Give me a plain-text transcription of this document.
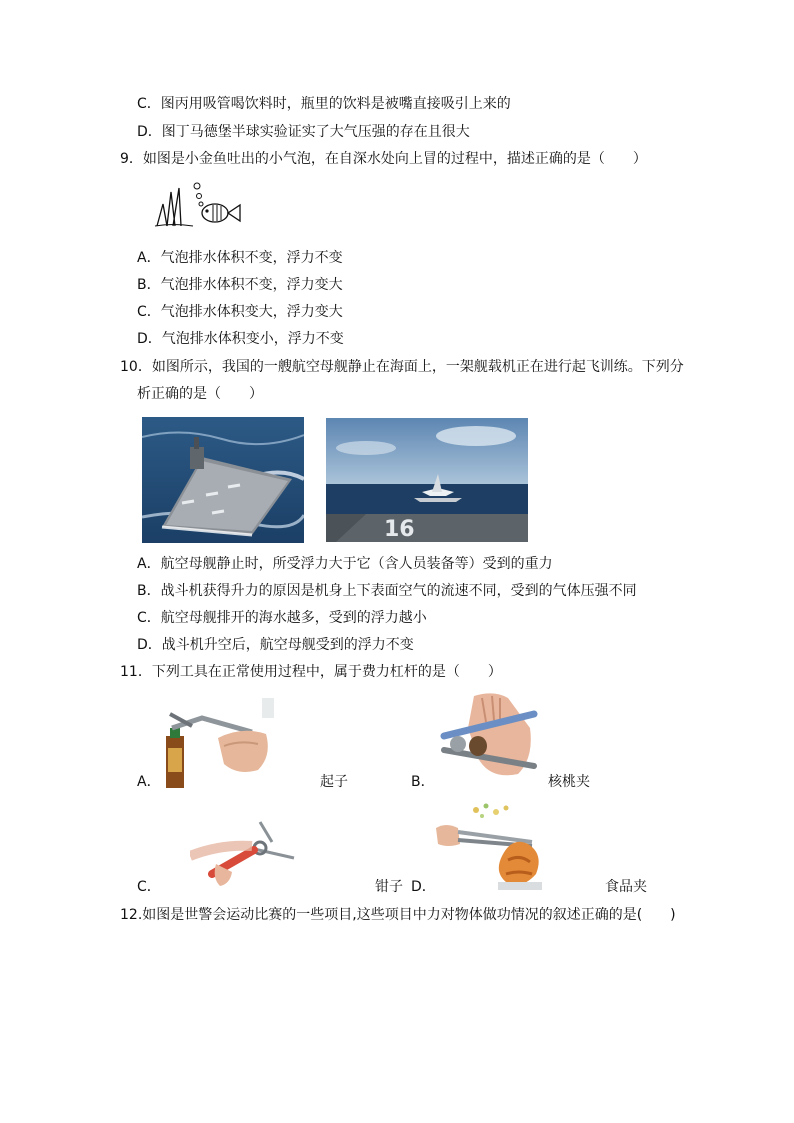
C．图丙用吸管喝饮料时，瓶里的饮料是被嘴直接吸引上来的
D．图丁马德堡半球实验证实了大气压强的存在且很大
9．如图是小金鱼吐出的小气泡，在自深水处向上冒的过程中，描述正确的是（　　）
A．气泡排水体积不变，浮力不变
B．气泡排水体积不变，浮力变大
C．气泡排水体积变大，浮力变大
D．气泡排水体积变小，浮力不变
10．如图所示，我国的一艘航空母舰静止在海面上，一架舰载机正在进行起飞训练。下列分
析正确的是（　　）
16
A．航空母舰静止时，所受浮力大于它（含人员装备等）受到的重力
B．战斗机获得升力的原因是机身上下表面空气的流速不同，受到的气体压强不同
C．航空母舰排开的海水越多，受到的浮力越小
D．战斗机升空后，航空母舰受到的浮力不变
11．下列工具在正常使用过程中，属于费力杠杆的是（　　）
A．	起子	B．	核桃夹
C．	钳子 D．	食品夹
12.如图是世警会运动比赛的一些项目,这些项目中力对物体做功情况的叙述正确的是(　　)
